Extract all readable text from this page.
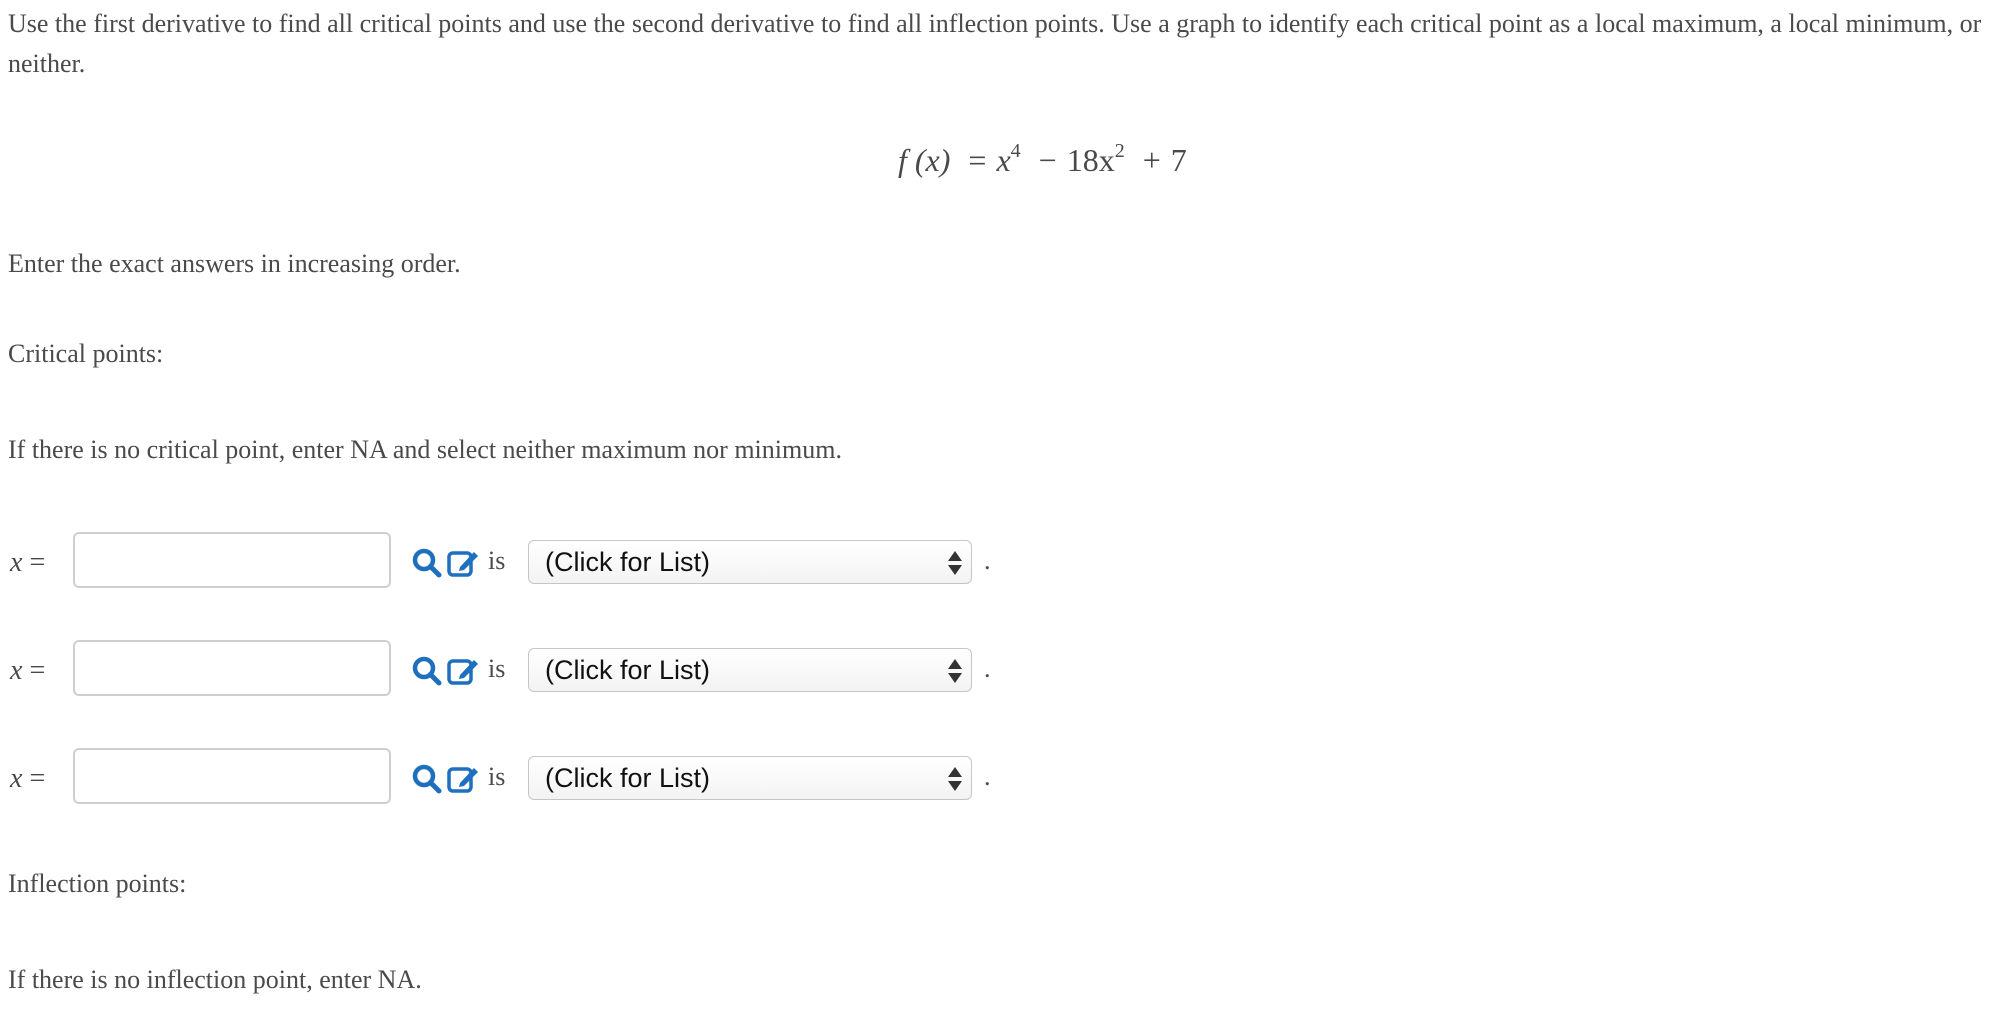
Use the first derivative to find all critical points and use the second derivative to find all inflection points. Use a graph to identify each critical point as a local maximum, a local minimum, or neither.

f $(x) = x^4 - 18x^2 + 7$

Enter the exact answers in increasing order.

Critical points:

If there is no critical point, enter NA and select neither maximum nor minimum.

x =	is (Click for List)	.
x =	is (Click for List)	.
x =	is (Click for List)	.

Inflection points:

If there is no inflection point, enter NA.
